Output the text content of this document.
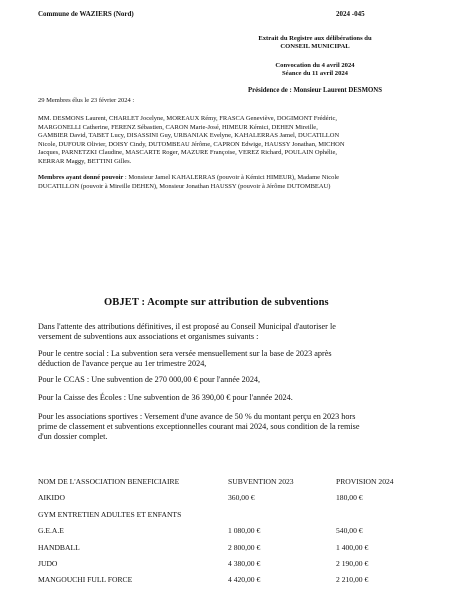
Commune de WAZIERS (Nord)	2024 -045
Extrait du Registre aux délibérations du
CONSEIL MUNICIPAL
Convocation du 4 avril 2024
Séance du 11 avril 2024
Présidence de : Monsieur Laurent DESMONS
29 Membres élus le 23 février 2024 :
MM. DESMONS Laurent, CHARLET Jocelyne, MOREAUX Rémy, FRASCA Geneviève, DOGIMONT Frédéric,
MARGONELLI Catherine, FERENZ Sébastien, CARON Marie-José, HIMEUR Kémici, DEHEN Mireille,
GAMBIER David, TABET Lucy, DISASSINI Guy, URBANIAK Evelyne, KAHALERRAS Jamel, DUCATILLON
Nicole, DUFOUR Olivier, DOISY Cindy, DUTOMBEAU Jérôme, CAPRON Edwige, HAUSSY Jonathan, MICHON
Jacques, PARNETZKI Claudine, MASCARTE Roger, MAZURE Françoise, VEREZ Richard, POULAIN Ophélie,
KERRAR Maggy, BETTINI Gilles.
Membres ayant donné pouvoir : Monsieur Jamel KAHALERRAS (pouvoir à Kémici HIMEUR), Madame Nicole
DUCATILLON (pouvoir à Mireille DEHEN), Monsieur Jonathan HAUSSY (pouvoir à Jérôme DUTOMBEAU)
OBJET : Acompte sur attribution de subventions
Dans l'attente des attributions définitives, il est proposé au Conseil Municipal d'autoriser le
versement de subventions aux associations et organismes suivants :
Pour le centre social : La subvention sera versée mensuellement sur la base de 2023 après
déduction de l'avance perçue au 1er trimestre 2024,
Pour le CCAS : Une subvention de 270 000,00 € pour l'année 2024,
Pour la Caisse des Écoles : Une subvention de 36 390,00 € pour l'année 2024.
Pour les associations sportives : Versement d'une avance de 50 % du montant perçu en 2023 hors
prime de classement et subventions exceptionnelles courant mai 2024, sous condition de la remise
d'un dossier complet.
NOM DE L'ASSOCIATION BENEFICIAIRE	SUBVENTION 2023	PROVISION 2024
AIKIDO	360,00 €	180,00 €
GYM ENTRETIEN ADULTES ET ENFANTS
G.E.A.E	1 080,00 €	540,00 €
HANDBALL	2 800,00 €	1 400,00 €
JUDO	4 380,00 €	2 190,00 €
MANGOUCHI FULL FORCE	4 420,00 €	2 210,00 €
